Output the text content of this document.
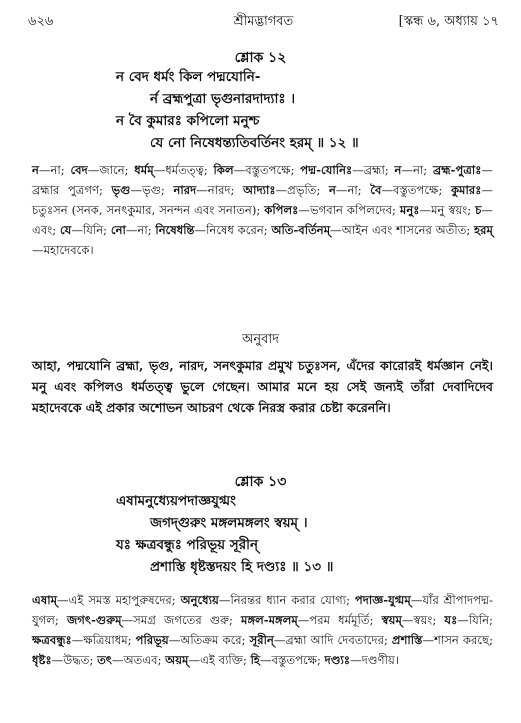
৬২৬	শ্রীমদ্ভাগবত	[স্কন্ধ ৬, অধ্যায় ১৭
শ্লোক ১২
ন বেদ ধর্মং কিল পদ্মযোনি-
র্ন ব্রহ্মপুত্রা ভৃগুনারদাদ্যাঃ ।
ন বৈ কুমারঃ কপিলো মনুশ্চ
যে নো নিষেধন্ত্যতিবর্তিনং হরম্ ॥ ১২ ॥
ন—না; বেদ—জানে; ধর্মম্—ধর্মতত্ত্ব; কিল—বস্তুতপক্ষে; পদ্ম-যোনিঃ—ব্রহ্মা; ন—না; ব্রহ্ম-পুত্রাঃ—ব্রহ্মার পুত্রগণ; ভৃগু—ভৃগু; নারদ—নারদ; আদ্যাঃ—প্রভৃতি; ন—না; বৈ—বস্তুতপক্ষে; কুমারঃ—চতুঃসন (সনক, সনৎকুমার, সনন্দন এবং সনাতন); কপিলঃ—ভগবান কপিলদেব; মনুঃ—মনু স্বয়ং; চ—এবং; যে—যিনি; নো—না; নিষেধন্তি—নিষেধ করেন; অতি-বর্তিনম্—আইন এবং শাসনের অতীত; হরম্—মহাদেবকে।
অনুবাদ
আহা, পদ্মযোনি ব্রহ্মা, ভৃগু, নারদ, সনৎকুমার প্রমুখ চতুঃসন, এঁদের কারোরই ধর্মজ্ঞান নেই। মনু এবং কপিলও ধর্মতত্ত্ব ভুলে গেছেন। আমার মনে হয় সেই জন্যই তাঁরা দেবাদিদেব মহাদেবকে এই প্রকার অশোভন আচরণ থেকে নিরস্ত্র করার চেষ্টা করেননি।
শ্লোক ১৩
এষামনুধ্যেয়পদাজ্ঞযুগ্মং
জগদ্গুরুং মঙ্গলমঙ্গলং স্বয়ম্ ।
যঃ ক্ষত্রবন্ধুঃ পরিভূয় সূরীন্
প্রশাস্তি ধৃষ্টস্তদয়ং হি দণ্ড্যঃ ॥ ১৩ ॥
এষাম্—এই সমস্ত মহাপুরুষদের; অনুধ্যেয়—নিরন্তর ধ্যান করার যোগ্য; পদাজ্ঞ-যুগ্মম্—যাঁর শ্রীপাদপদ্ম-যুগল; জগৎ-গুরুম্—সমগ্র জগতের গুরু; মঙ্গল-মঙ্গলম্—পরম ধর্মমূর্তি; স্বয়ম্—স্বয়ং; যঃ—যিনি; ক্ষত্রবন্ধুঃ—ক্ষত্রিয়াধম; পরিভূয়—অতিক্রম করে; সূরীন্—ব্রহ্মা আদি দেবতাদের; প্রশাস্তি—শাসন করছে; ধৃষ্টঃ—উদ্ধত; তৎ—অতএব; অয়ম্—এই ব্যক্তি; হি—বস্তুতপক্ষে; দণ্ড্যঃ—দণ্ডণীয়।
